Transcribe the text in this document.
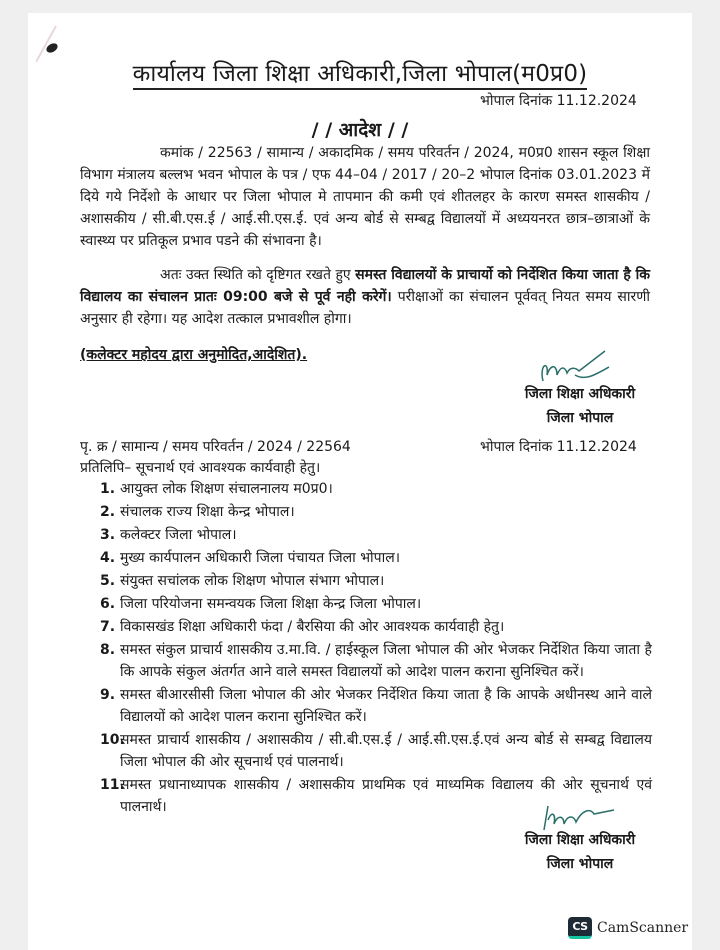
कार्यालय जिला शिक्षा अधिकारी,जिला भोपाल(म0प्र0)
भोपाल दिनांक 11.12.2024
/ / आदेश / /
कमांक / 22563 / सामान्य / अकादमिक / समय परिवर्तन / 2024, म0प्र0 शासन स्कूल शिक्षा विभाग मंत्रालय बल्लभ भवन भोपाल के पत्र / एफ 44–04 / 2017 / 20–2 भोपाल दिनांक 03.01.2023 में दिये गये निर्देशो के आधार पर जिला भोपाल मे तापमान की कमी एवं शीतलहर के कारण समस्त शासकीय / अशासकीय / सी.बी.एस.ई / आई.सी.एस.ई. एवं अन्य बोर्ड से सम्बद्व विद्यालयों में अध्ययनरत छात्र–छात्राओं के स्वास्थ्य पर प्रतिकूल प्रभाव पडने की संभावना है।
अतः उक्त स्थिति को दृष्टिगत रखते हुए समस्त विद्यालयों के प्राचार्यो को निर्देशित किया जाता है कि विद्यालय का संचालन प्रातः 09:00 बजे से पूर्व नही करेगें। परीक्षाओं का संचालन पूर्ववत् नियत समय सारणी अनुसार ही रहेगा। यह आदेश तत्काल प्रभावशील होगा।
(कलेक्टर महोदय द्वारा अनुमोदित,आदेशित).
जिला शिक्षा अधिकारी
जिला भोपाल
पृ. क्र / सामान्य / समय परिवर्तन / 2024 / 22564	भोपाल दिनांक 11.12.2024
प्रतिलिपि– सूचनार्थ एवं आवश्यक कार्यवाही हेतु।
1. आयुक्त लोक शिक्षण संचालनालय म0प्र0।
2. संचालक राज्य शिक्षा केन्द्र भोपाल।
3. कलेक्टर जिला भोपाल।
4. मुख्य कार्यपालन अधिकारी जिला पंचायत जिला भोपाल।
5. संयुक्त सचांलक लोक शिक्षण भोपाल संभाग भोपाल।
6. जिला परियोजना समन्वयक जिला शिक्षा केन्द्र जिला भोपाल।
7. विकासखंड शिक्षा अधिकारी फंदा / बैरसिया की ओर आवश्यक कार्यवाही हेतु।
8. समस्त संकुल प्राचार्य शासकीय उ.मा.वि. / हाईस्कूल जिला भोपाल की ओर भेजकर निर्देशित किया जाता है कि आपके संकुल अंतर्गत आने वाले समस्त विद्यालयों को आदेश पालन कराना सुनिश्चित करें।
9. समस्त बीआरसीसी जिला भोपाल की ओर भेजकर निर्देशित किया जाता है कि आपके अधीनस्थ आने वाले विद्यालयों को आदेश पालन कराना सुनिश्चित करें।
10.
समस्त प्राचार्य शासकीय / अशासकीय / सी.बी.एस.ई / आई.सी.एस.ई.एवं अन्य बोर्ड से सम्बद्व विद्यालय जिला भोपाल की ओर सूचनार्थ एवं पालनार्थ।
11.
समस्त प्रधानाध्यापक शासकीय / अशासकीय प्राथमिक एवं माध्यमिक विद्यालय की ओर सूचनार्थ एवं पालनार्थ।
जिला शिक्षा अधिकारी
जिला भोपाल
CS CamScanner
